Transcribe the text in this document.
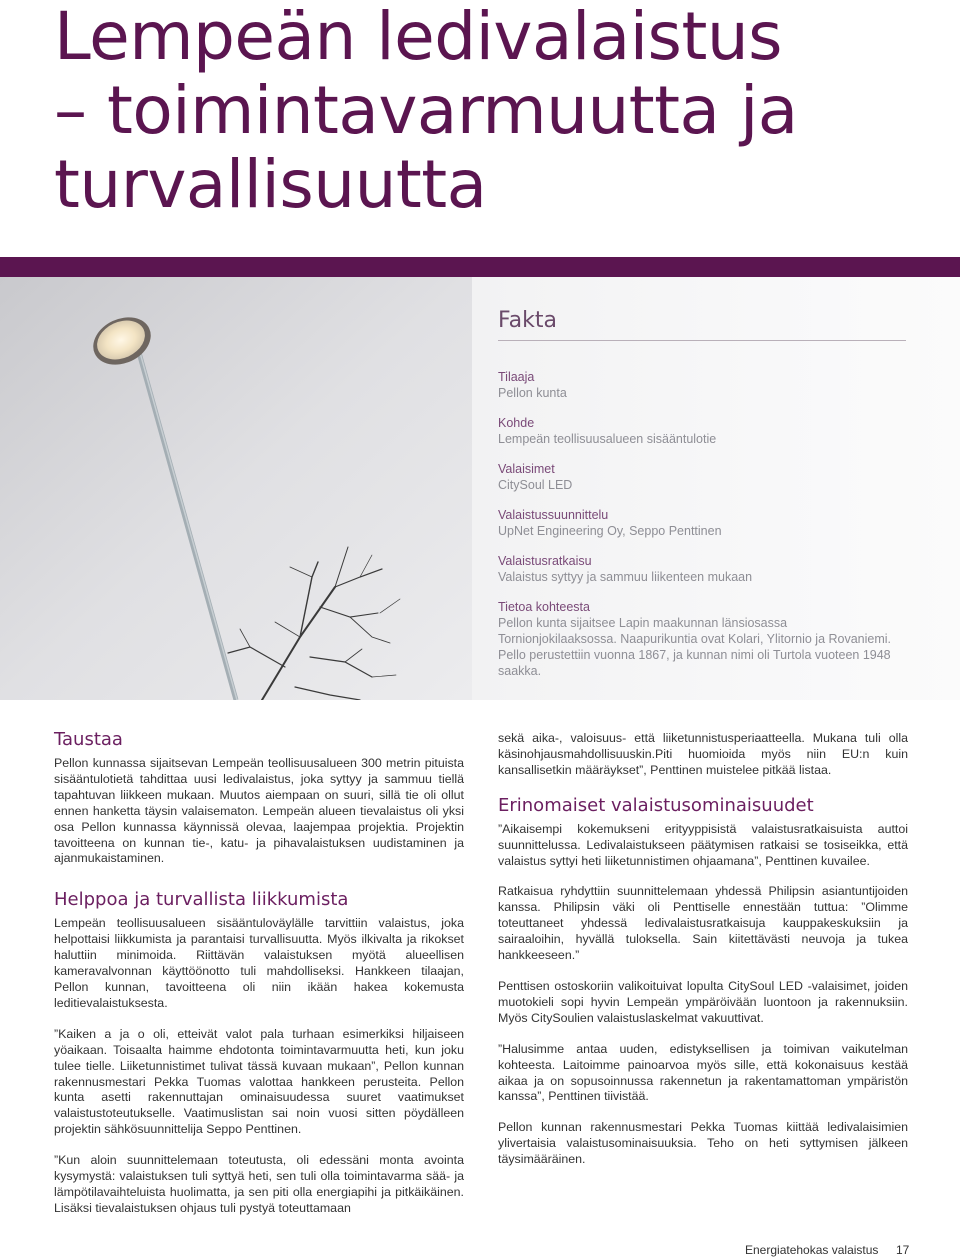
Lempeän ledivalaistus
– toimintavarmuutta ja
turvallisuutta
Fakta
Tilaaja
Pellon kunta
Kohde
Lempeän teollisuusalueen sisääntulotie
Valaisimet
CitySoul LED
Valaistussuunnittelu
UpNet Engineering Oy, Seppo Penttinen
Valaistusratkaisu
Valaistus syttyy ja sammuu liikenteen mukaan
Tietoa kohteesta
Pellon kunta sijaitsee Lapin maakunnan länsiosassa Tornionjokilaaksossa. Naapurikuntia ovat Kolari, Ylitornio ja Rovaniemi. Pello perustettiin vuonna 1867, ja kunnan nimi oli Turtola vuoteen 1948 saakka.
Taustaa

Pellon kunnassa sijaitsevan Lempeän teollisuusalueen 300 metrin pituista sisääntulotietä tahdittaa uusi ledivalaistus, joka syttyy ja sammuu tiellä tapahtuvan liikkeen mukaan. Muutos aiempaan on suuri, sillä tie oli ollut ennen hanketta täysin valaisematon. Lempeän alueen tievalaistus oli yksi osa Pellon kunnassa käynnissä olevaa, laajempaa projektia. Projektin tavoitteena on kunnan tie-, katu- ja pihavalaistuksen uudistaminen ja ajanmukaistaminen.

Helppoa ja turvallista liikkumista

Lempeän teollisuusalueen sisääntuloväylälle tarvittiin valaistus, joka helpottaisi liikkumista ja parantaisi turvallisuutta. Myös ilkivalta ja rikokset haluttiin minimoida. Riittävän valaistuksen myötä alueellisen kameravalvonnan käyttöönotto tuli mahdolliseksi. Hankkeen tilaajan, Pellon kunnan, tavoitteena oli niin ikään hakea kokemusta leditievalaistuksesta.

”Kaiken a ja o oli, etteivät valot pala turhaan esimerkiksi hiljaiseen yöaikaan. Toisaalta haimme ehdotonta toimintavarmuutta heti, kun joku tulee tielle. Liiketunnistimet tulivat tässä kuvaan mukaan”, Pellon kunnan rakennusmestari Pekka Tuomas valottaa hankkeen perusteita. Pellon kunta asetti rakennuttajan ominaisuudessa suuret vaatimukset valaistustoteutukselle. Vaatimuslistan sai noin vuosi sitten pöydälleen projektin sähkösuunnittelija Seppo Penttinen.

”Kun aloin suunnittelemaan toteutusta, oli edessäni monta avointa kysymystä: valaistuksen tuli syttyä heti, sen tuli olla toimintavarma sää- ja lämpötilavaihteluista huolimatta, ja sen piti olla energiapihi ja pitkäikäinen. Lisäksi tievalaistuksen ohjaus tuli pystyä toteuttamaan

sekä aika-, valoisuus- että liiketunnistusperiaatteella. Mukana tuli olla käsinohjausmahdollisuuskin.Piti huomioida myös niin EU:n kuin kansallisetkin määräykset”, Penttinen muistelee pitkää listaa.

Erinomaiset valaistusominaisuudet

”Aikaisempi kokemukseni erityyppisistä valaistusratkaisuista auttoi suunnittelussa. Ledivalaistukseen päätymisen ratkaisi se tosiseikka, että valaistus syttyi heti liiketunnistimen ohjaamana”, Penttinen kuvailee.

Ratkaisua ryhdyttiin suunnittelemaan yhdessä Philipsin asiantuntijoiden kanssa. Philipsin väki oli Penttiselle ennestään tuttua: ”Olimme toteuttaneet yhdessä ledivalaistusratkaisuja kauppakeskuksiin ja sairaaloihin, hyvällä tuloksella. Sain kiitettävästi neuvoja ja tukea hankkeeseen.”

Penttisen ostoskoriin valikoituivat lopulta CitySoul LED -valaisimet, joiden muotokieli sopi hyvin Lempeän ympäröivään luontoon ja rakennuksiin. Myös CitySoulien valaistuslaskelmat vakuuttivat.

”Halusimme antaa uuden, edistyksellisen ja toimivan vaikutelman kohteesta. Laitoimme painoarvoa myös sille, että kokonaisuus kestää aikaa ja on sopusoinnussa rakennetun ja rakentamattoman ympäristön kanssa”, Penttinen tiivistää.

Pellon kunnan rakennusmestari Pekka Tuomas kiittää ledivalaisimien ylivertaisia valaistusominaisuuksia. Teho on heti syttymisen jälkeen täysimääräinen.

Energiatehokas valaistus 17
